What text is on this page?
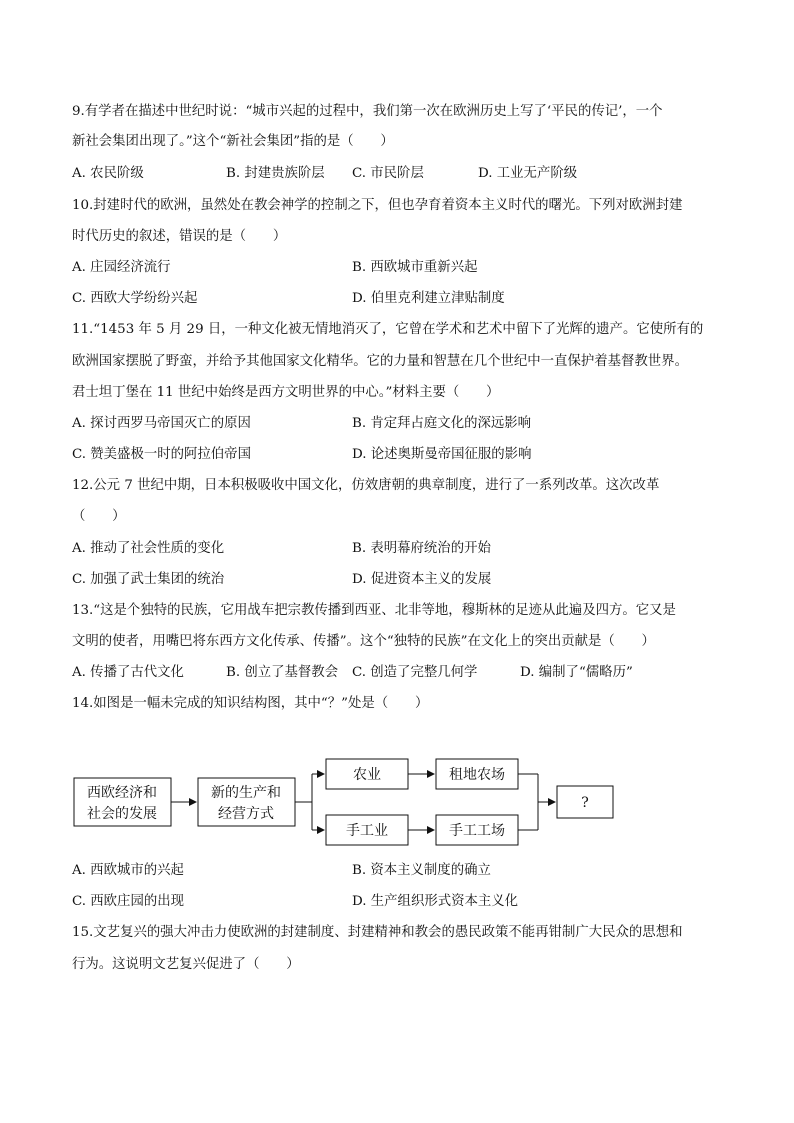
9.有学者在描述中世纪时说：“城市兴起的过程中，我们第一次在欧洲历史上写了‘平民的传记’，一个
新社会集团出现了。”这个“新社会集团”指的是（　　）
A. 农民阶级	B. 封建贵族阶层 C. 市民阶层	D. 工业无产阶级
10.封建时代的欧洲，虽然处在教会神学的控制之下，但也孕育着资本主义时代的曙光。下列对欧洲封建
时代历史的叙述，错误的是（　　）
A. 庄园经济流行	B. 西欧城市重新兴起
C. 西欧大学纷纷兴起	D. 伯里克利建立津贴制度
11.“1453 年 5 月 29 日，一种文化被无情地消灭了，它曾在学术和艺术中留下了光辉的遗产。它使所有的
欧洲国家摆脱了野蛮，并给予其他国家文化精华。它的力量和智慧在几个世纪中一直保护着基督教世界。
君士坦丁堡在 11 世纪中始终是西方文明世界的中心。”材料主要（　　）
A. 探讨西罗马帝国灭亡的原因	B. 肯定拜占庭文化的深远影响
C. 赞美盛极一时的阿拉伯帝国	D. 论述奥斯曼帝国征服的影响
12.公元 7 世纪中期，日本积极吸收中国文化，仿效唐朝的典章制度，进行了一系列改革。这次改革
（　　）
A. 推动了社会性质的变化	B. 表明幕府统治的开始
C. 加强了武士集团的统治	D. 促进资本主义的发展
13.“这是个独特的民族，它用战车把宗教传播到西亚、北非等地，穆斯林的足迹从此遍及四方。它又是
文明的使者，用嘴巴将东西方文化传承、传播”。这个“独特的民族”在文化上的突出贡献是（　　）
A. 传播了古代文化	B. 创立了基督教会 C. 创造了完整几何学	D. 编制了“儒略历”
14.如图是一幅未完成的知识结构图，其中“？”处是（　　）
西欧经济和
社会的发展
新的生产和
经营方式
农业	租地农场
手工业	手工工场
?
A. 西欧城市的兴起	B. 资本主义制度的确立
C. 西欧庄园的出现	D. 生产组织形式资本主义化
15.文艺复兴的强大冲击力使欧洲的封建制度、封建精神和教会的愚民政策不能再钳制广大民众的思想和
行为。这说明文艺复兴促进了（　　）
